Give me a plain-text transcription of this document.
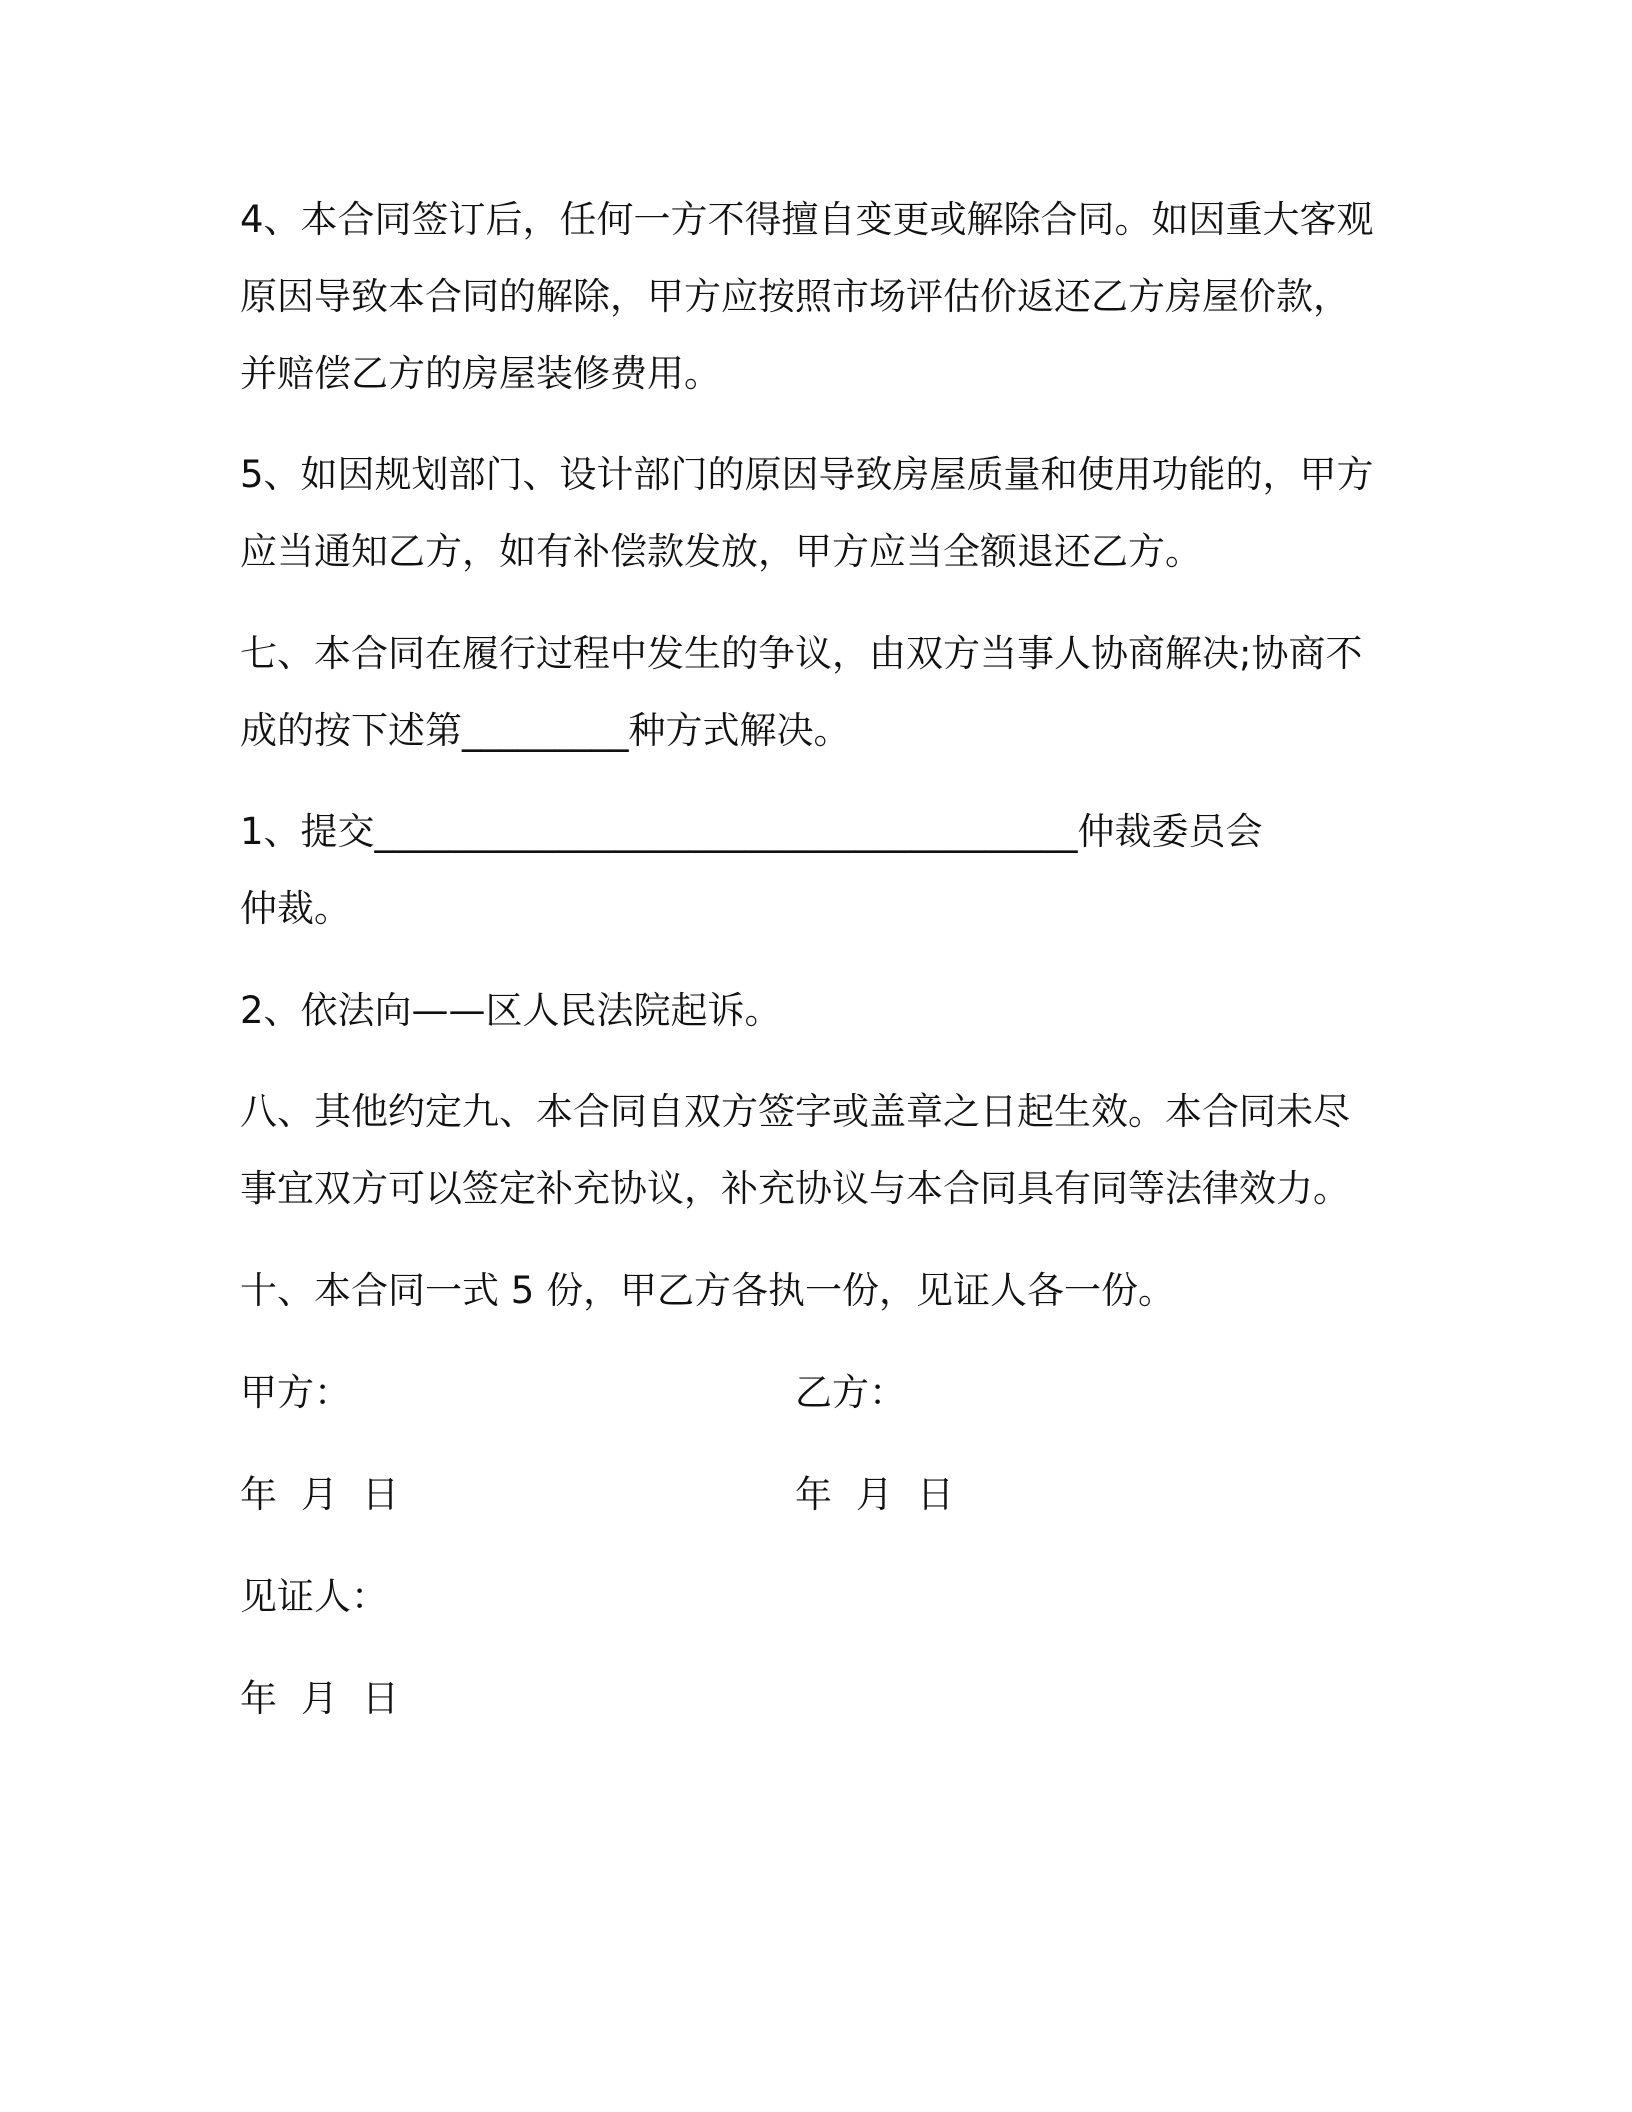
4、本合同签订后，任何一方不得擅自变更或解除合同。如因重大客观
原因导致本合同的解除，甲方应按照市场评估价返还乙方房屋价款，
并赔偿乙方的房屋装修费用。
5、如因规划部门、设计部门的原因导致房屋质量和使用功能的，甲方
应当通知乙方，如有补偿款发放，甲方应当全额退还乙方。
七、本合同在履行过程中发生的争议，由双方当事人协商解决;协商不
成的按下述第_________种方式解决。
1、提交______________________________________仲裁委员会
仲裁。
2、依法向——区人民法院起诉。
八、其他约定九、本合同自双方签字或盖章之日起生效。本合同未尽
事宜双方可以签定补充协议，补充协议与本合同具有同等法律效力。
十、本合同一式 5 份，甲乙方各执一份，见证人各一份。
甲方：	乙方：
年 月 日	年 月 日
见证人：
年 月 日
